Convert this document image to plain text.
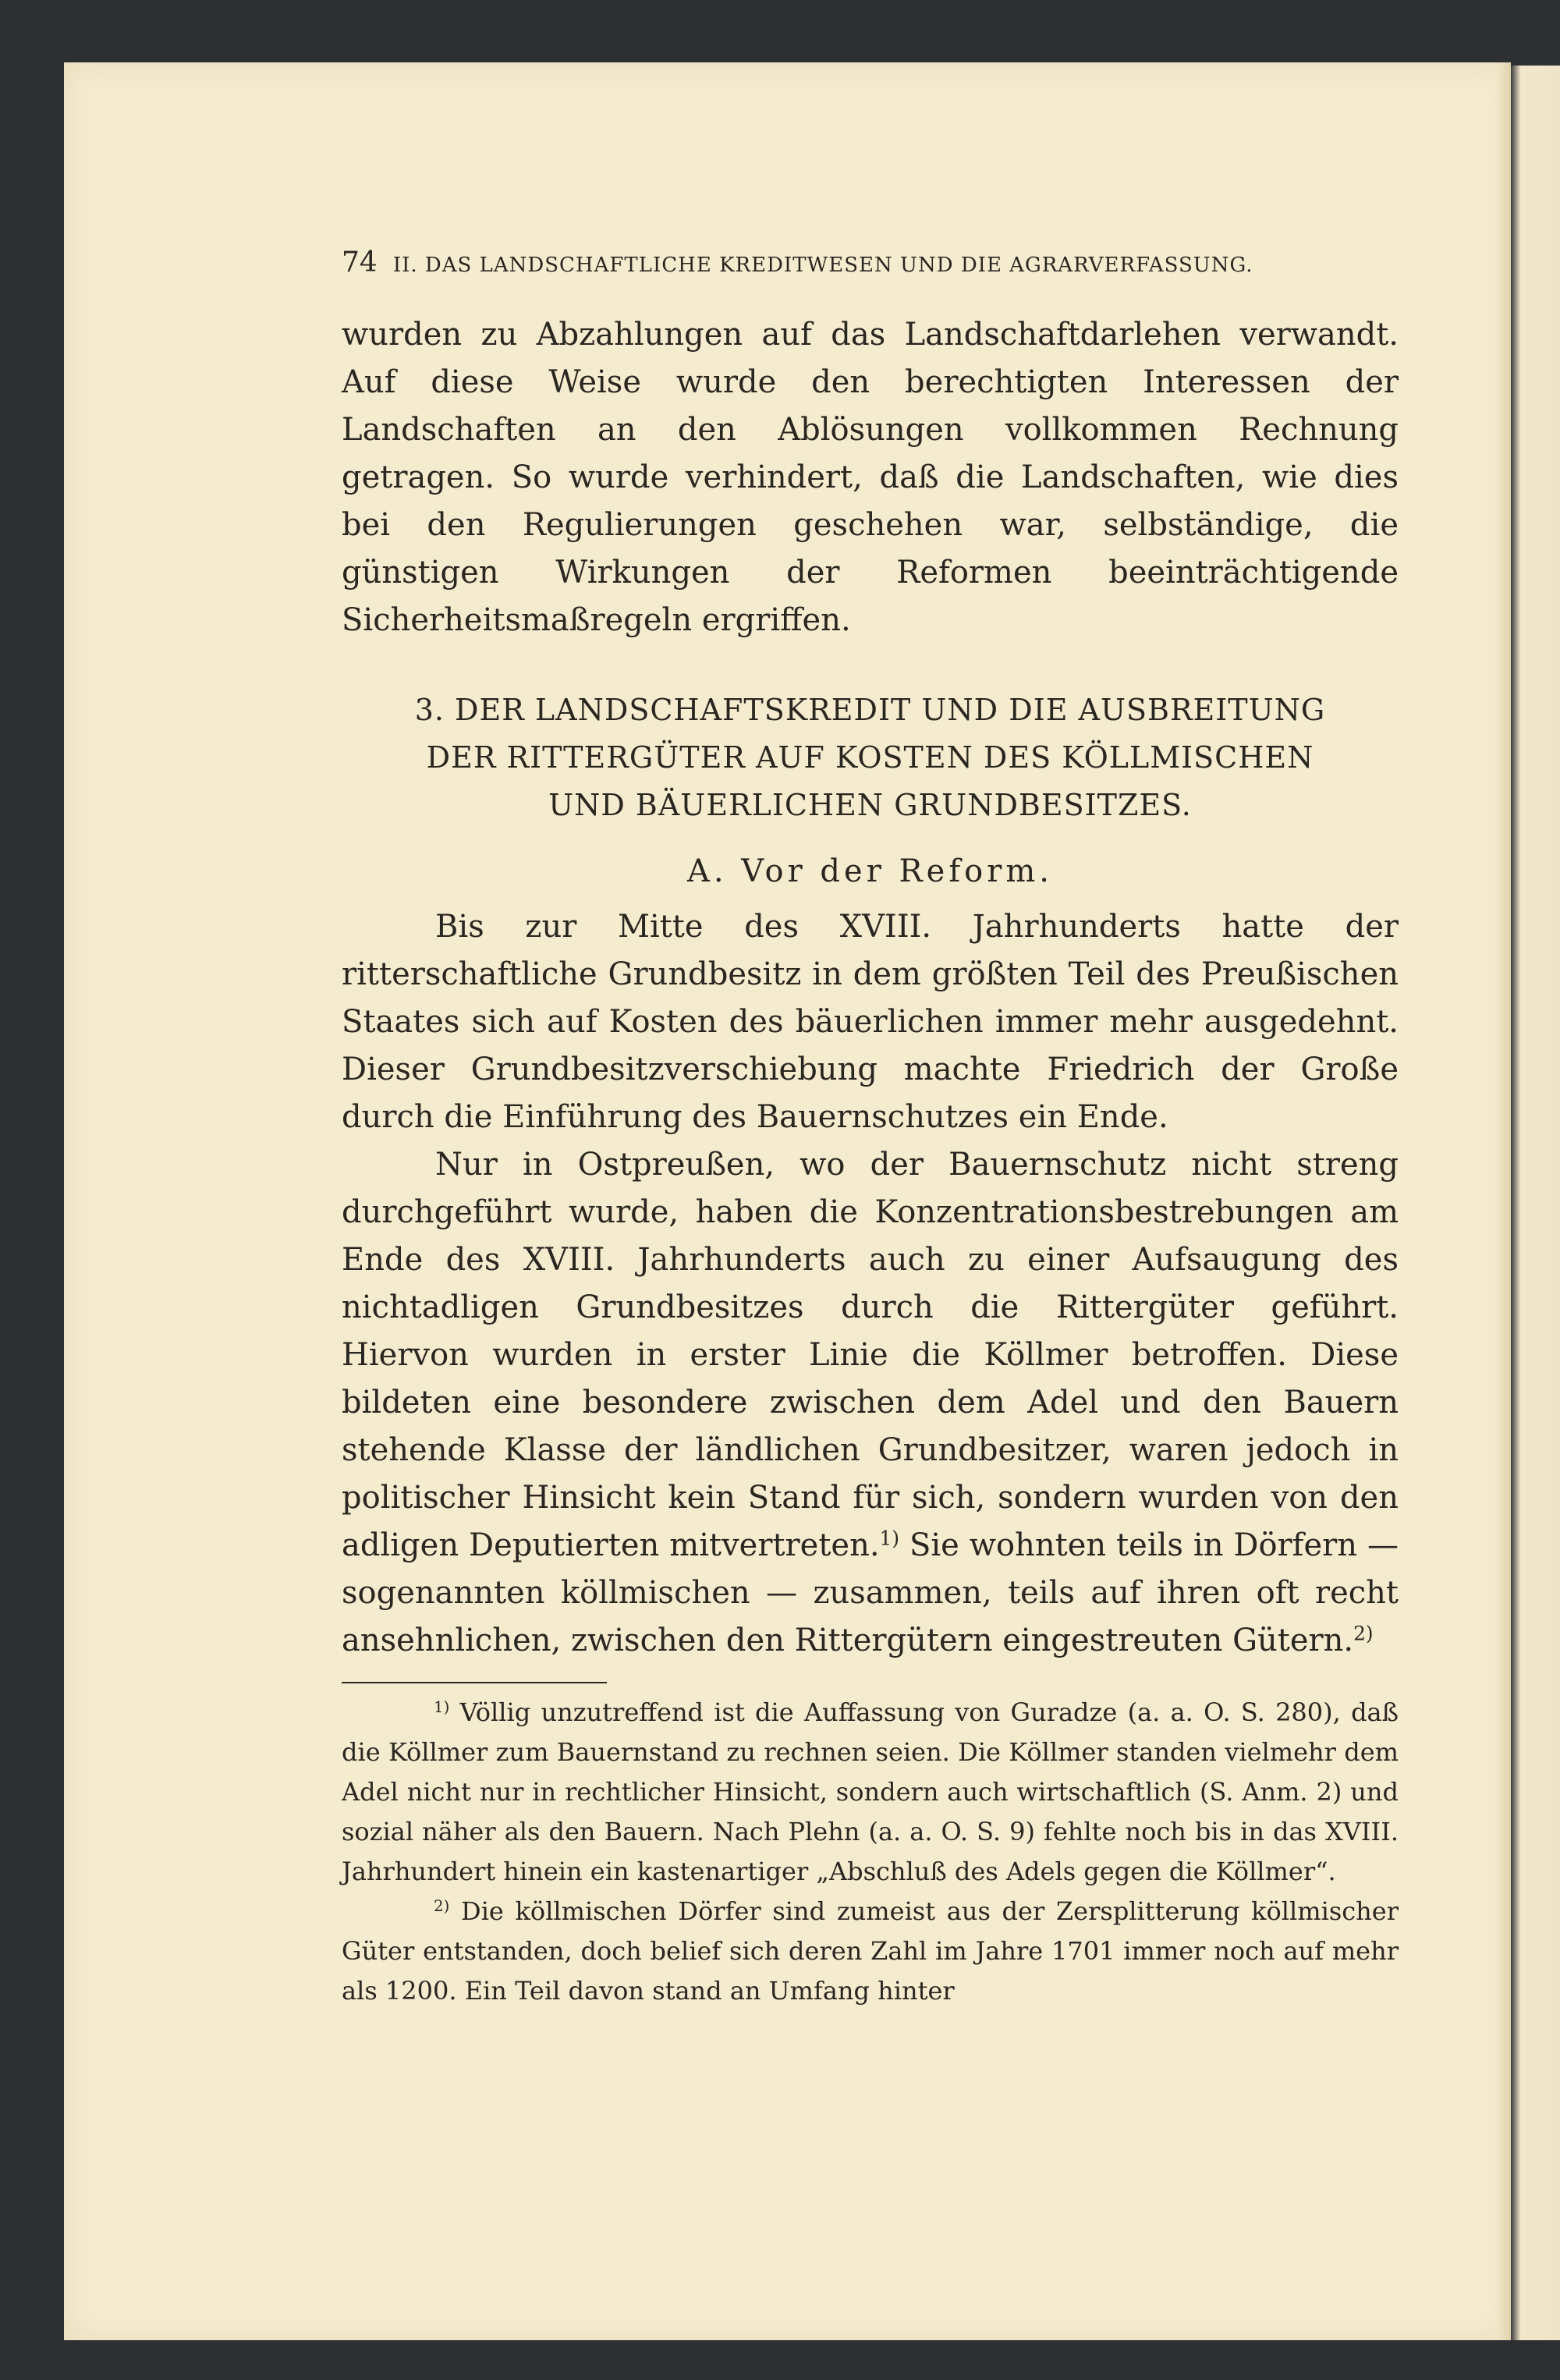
74 II. DAS LANDSCHAFTLICHE KREDITWESEN UND DIE AGRARVERFASSUNG.

wurden zu Abzahlungen auf das Landschaftdarlehen verwandt. Auf diese Weise wurde den berechtigten Interessen der Landschaften an den Ablösungen vollkommen Rechnung getragen. So wurde verhindert, daß die Landschaften, wie dies bei den Regulierungen geschehen war, selbständige, die günstigen Wirkungen der Reformen beeinträchtigende Sicherheitsmaßregeln ergriffen.

3. DER LANDSCHAFTSKREDIT UND DIE AUSBREITUNG
DER RITTERGÜTER AUF KOSTEN DES KÖLLMISCHEN
UND BÄUERLICHEN GRUNDBESITZES.
A. Vor der Reform.

Bis zur Mitte des XVIII. Jahrhunderts hatte der ritterschaftliche Grundbesitz in dem größten Teil des Preußischen Staates sich auf Kosten des bäuerlichen immer mehr ausgedehnt. Dieser Grundbesitzverschiebung machte Friedrich der Große durch die Einführung des Bauernschutzes ein Ende.

Nur in Ostpreußen, wo der Bauernschutz nicht streng durchgeführt wurde, haben die Konzentrationsbestrebungen am Ende des XVIII. Jahrhunderts auch zu einer Aufsaugung des nichtadligen Grundbesitzes durch die Rittergüter geführt. Hiervon wurden in erster Linie die Köllmer betroffen. Diese bildeten eine besondere zwischen dem Adel und den Bauern stehende Klasse der ländlichen Grundbesitzer, waren jedoch in politischer Hinsicht kein Stand für sich, sondern wurden von den adligen Deputierten mitvertreten.$^{1)}$ Sie wohnten teils in Dörfern — sogenannten köllmischen — zusammen, teils auf ihren oft recht ansehnlichen, zwischen den Rittergütern eingestreuten Gütern.$^{2)}$

$^{1)}$ Völlig unzutreffend ist die Auffassung von Guradze (a. a. O. S. 280), daß die Köllmer zum Bauernstand zu rechnen seien. Die Köllmer standen vielmehr dem Adel nicht nur in rechtlicher Hinsicht, sondern auch wirtschaftlich (S. Anm. 2) und sozial näher als den Bauern. Nach Plehn (a. a. O. S. 9) fehlte noch bis in das XVIII. Jahrhundert hinein ein kastenartiger „Abschluß des Adels gegen die Köllmer“.

$^{2)}$ Die köllmischen Dörfer sind zumeist aus der Zersplitterung köllmischer Güter entstanden, doch belief sich deren Zahl im Jahre 1701 immer noch auf mehr als 1200. Ein Teil davon stand an Umfang hinter
